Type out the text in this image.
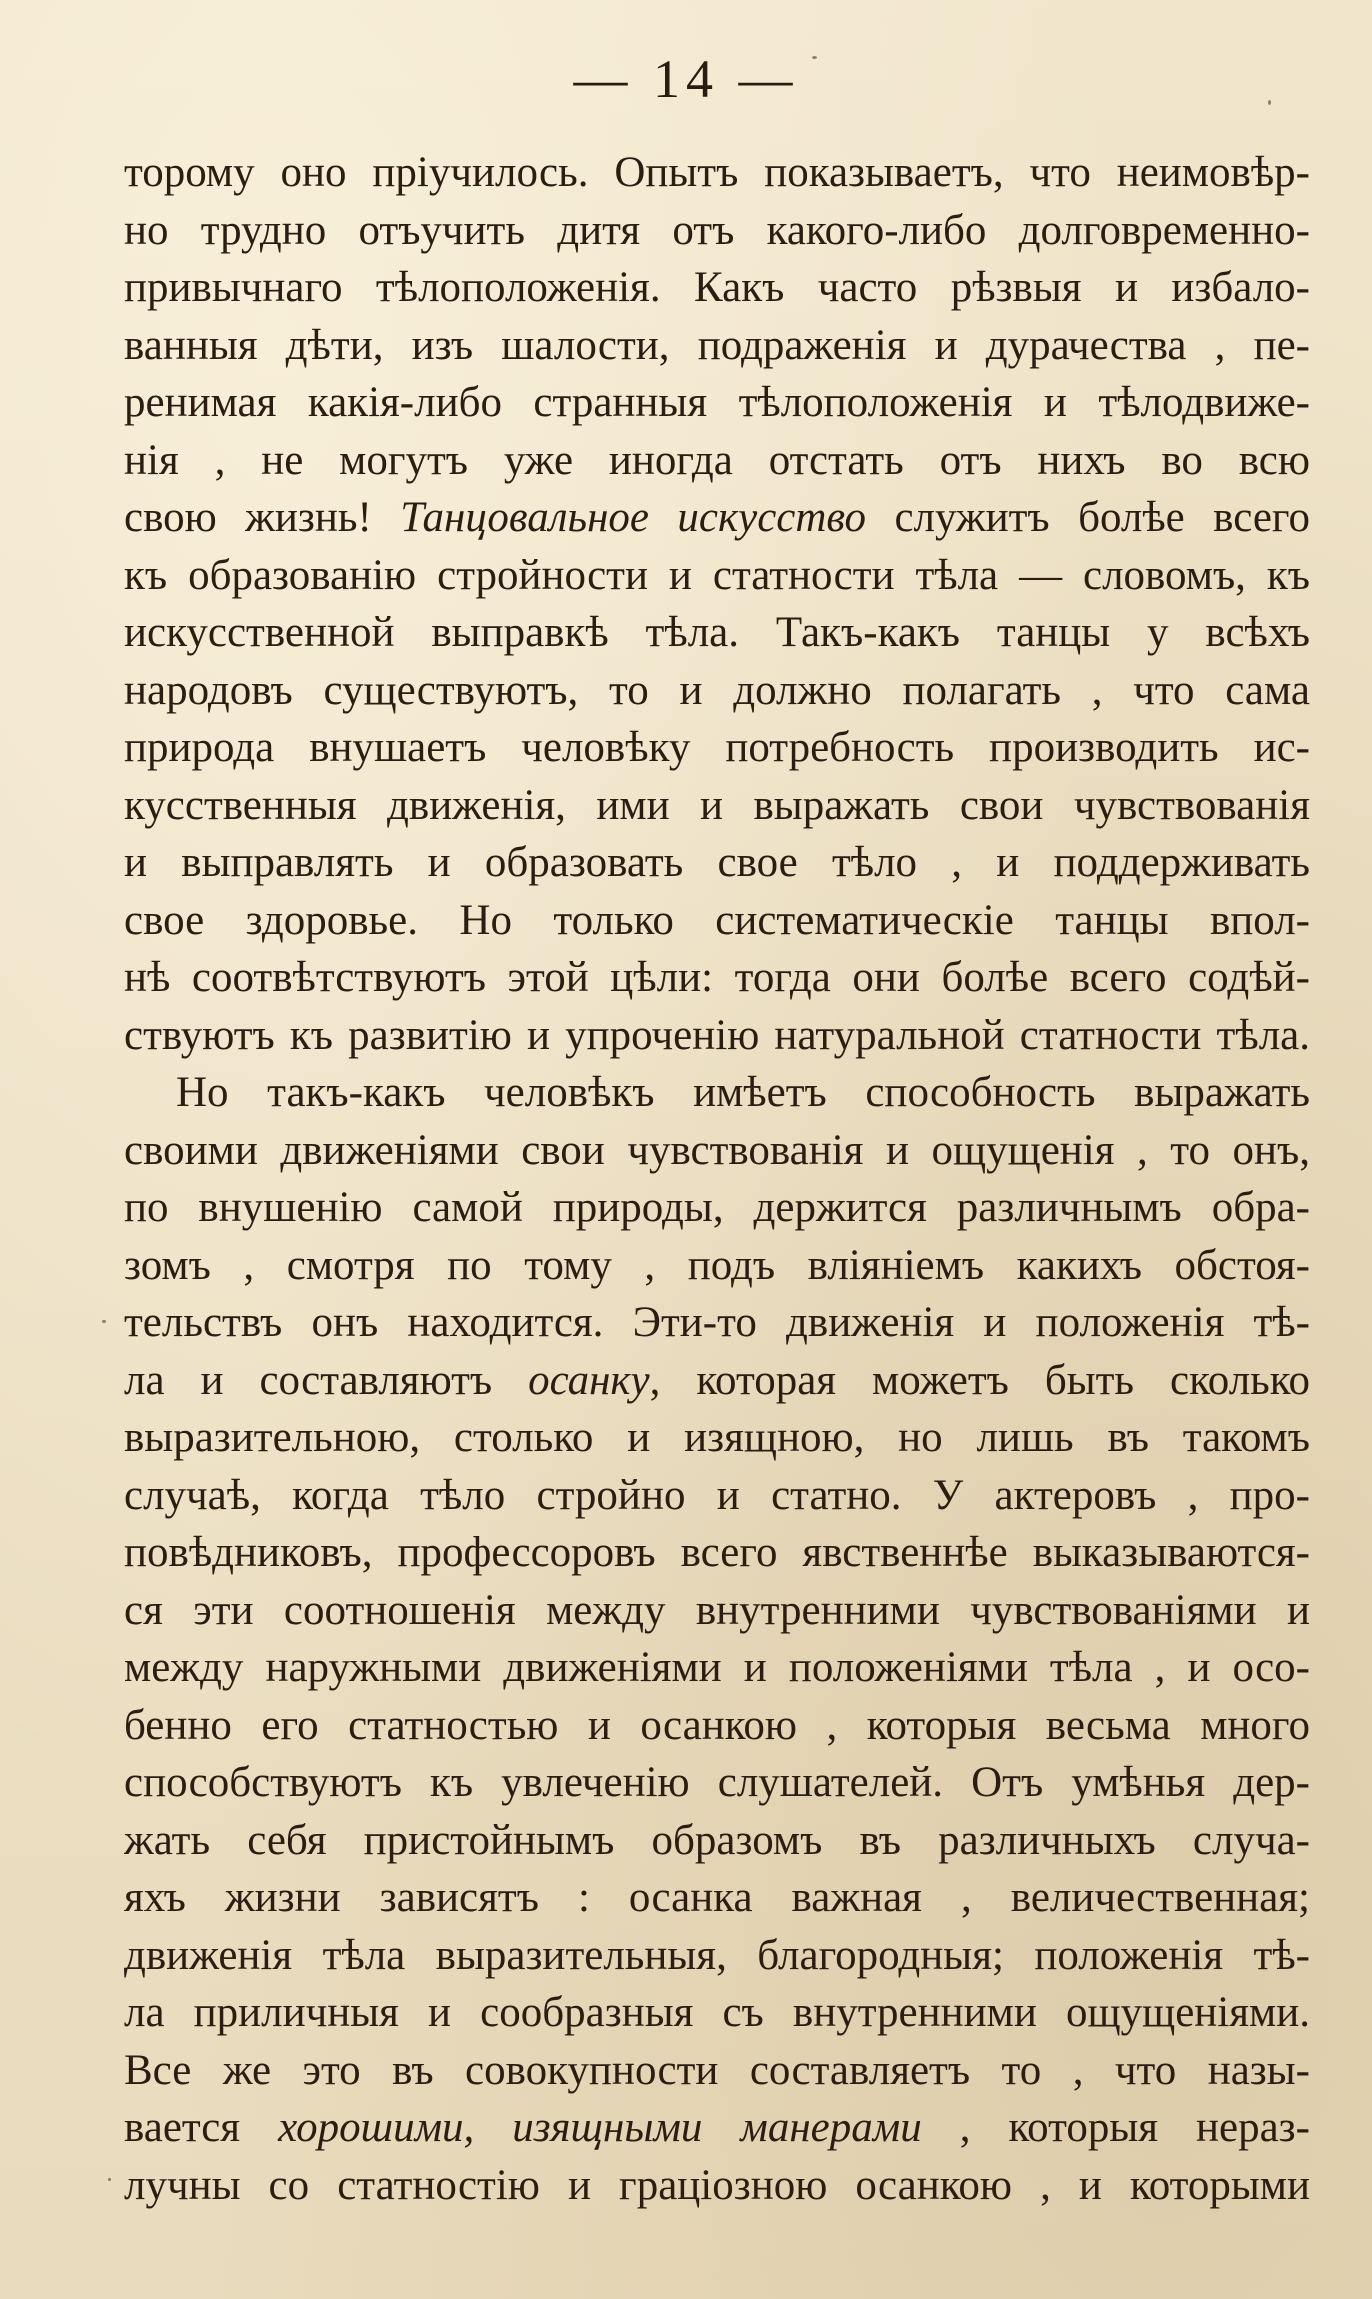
— 14 —
торому оно пріучилось. Опытъ показываетъ, что неимовѣр-
но трудно отъучить дитя отъ какого-либо долговременно-
привычнаго тѣлоположенія. Какъ часто рѣзвыя и избало-
ванныя дѣти, изъ шалости, подраженія и дурачества , пе-
ренимая какія-либо странныя тѣлоположенія и тѣлодвиже-
нія , не могутъ уже иногда отстать отъ нихъ во всю
свою жизнь! Танцовальное искусство служитъ болѣе всего
къ образованію стройности и статности тѣла — словомъ, къ
искусственной выправкѣ тѣла. Такъ-какъ танцы у всѣхъ
народовъ существуютъ, то и должно полагать , что сама
природа внушаетъ человѣку потребность производить ис-
кусственныя движенія, ими и выражать свои чувствованія
и выправлять и образовать свое тѣло , и поддерживать
свое здоровье. Но только систематическіе танцы впол-
нѣ соотвѣтствуютъ этой цѣли: тогда они болѣе всего содѣй-
ствуютъ къ развитію и упроченію натуральной статности тѣла.
Но такъ-какъ человѣкъ имѣетъ способность выражать
своими движеніями свои чувствованія и ощущенія , то онъ,
по внушенію самой природы, держится различнымъ обра-
зомъ , смотря по тому , подъ вліяніемъ какихъ обстоя-
тельствъ онъ находится. Эти-то движенія и положенія тѣ-
ла и составляютъ осанку, которая можетъ быть сколько
выразительною, столько и изящною, но лишь въ такомъ
случаѣ, когда тѣло стройно и статно. У актеровъ , про-
повѣдниковъ, профессоровъ всего явственнѣе выказываются-
ся эти соотношенія между внутренними чувствованіями и
между наружными движеніями и положеніями тѣла , и осо-
бенно его статностью и осанкою , которыя весьма много
способствуютъ къ увлеченію слушателей. Отъ умѣнья дер-
жать себя пристойнымъ образомъ въ различныхъ случа-
яхъ жизни зависятъ : осанка важная , величественная;
движенія тѣла выразительныя, благородныя; положенія тѣ-
ла приличныя и сообразныя съ внутренними ощущеніями.
Все же это въ совокупности составляетъ то , что назы-
вается хорошими, изящными манерами , которыя нераз-
лучны со статностію и граціозною осанкою , и которыми
